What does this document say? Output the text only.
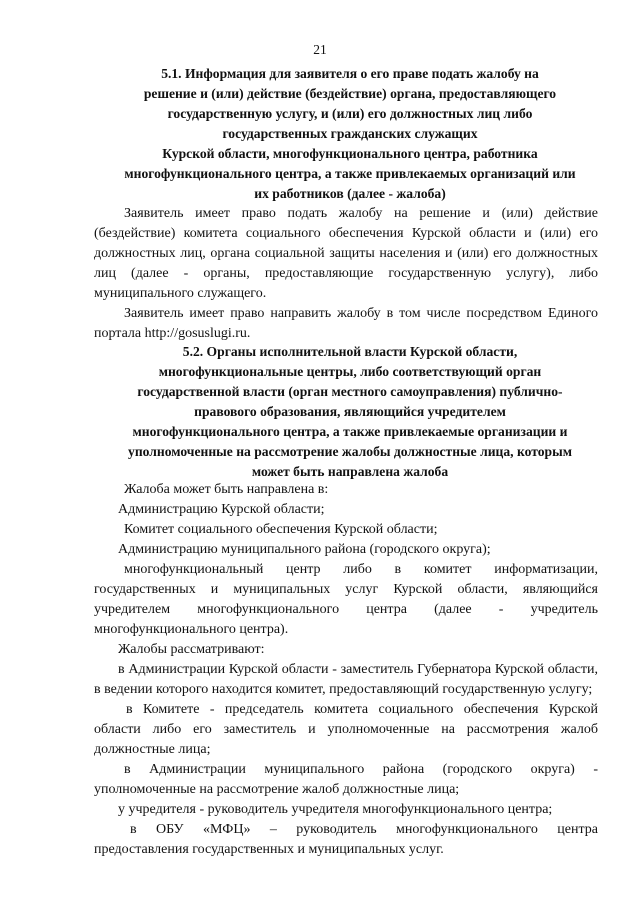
21
5.1. Информация для заявителя о его праве подать жалобу на
решение и (или) действие (бездействие) органа, предоставляющего
государственную услугу, и (или) его должностных лиц либо
государственных гражданских служащих
Курской области, многофункционального центра, работника
многофункционального центра, а также привлекаемых организаций или
их работников (далее - жалоба)

Заявитель имеет право подать жалобу на решение и (или) действие (бездействие) комитета социального обеспечения Курской области и (или) его должностных лиц, органа социальной защиты населения и (или) его должностных лиц (далее - органы, предоставляющие государственную услугу), либо муниципального служащего.

Заявитель имеет право направить жалобу в том числе посредством Единого портала http://gosuslugi.ru.

5.2. Органы исполнительной власти Курской области,
многофункциональные центры, либо соответствующий орган
государственной власти (орган местного самоуправления) публично-
правового образования, являющийся учредителем
многофункционального центра, а также привлекаемые организации и
уполномоченные на рассмотрение жалобы должностные лица, которым
может быть направлена жалоба

Жалоба может быть направлена в:

Администрацию Курской области;

Комитет социального обеспечения Курской области;

Администрацию муниципального района (городского округа);

многофункциональный центр либо в комитет информатизации, государственных и муниципальных услуг Курской области, являющийся учредителем многофункционального центра (далее - учредитель многофункционального центра).

Жалобы рассматривают:

в Администрации Курской области - заместитель Губернатора Курской области, в ведении которого находится комитет, предоставляющий государственную услугу;

в Комитете - председатель комитета социального обеспечения Курской области либо его заместитель и уполномоченные на рассмотрения жалоб должностные лица;

в Администрации муниципального района (городского округа) - уполномоченные на рассмотрение жалоб должностные лица;

у учредителя - руководитель учредителя многофункционального центра;

в ОБУ «МФЦ» – руководитель многофункционального центра предоставления государственных и муниципальных услуг.
